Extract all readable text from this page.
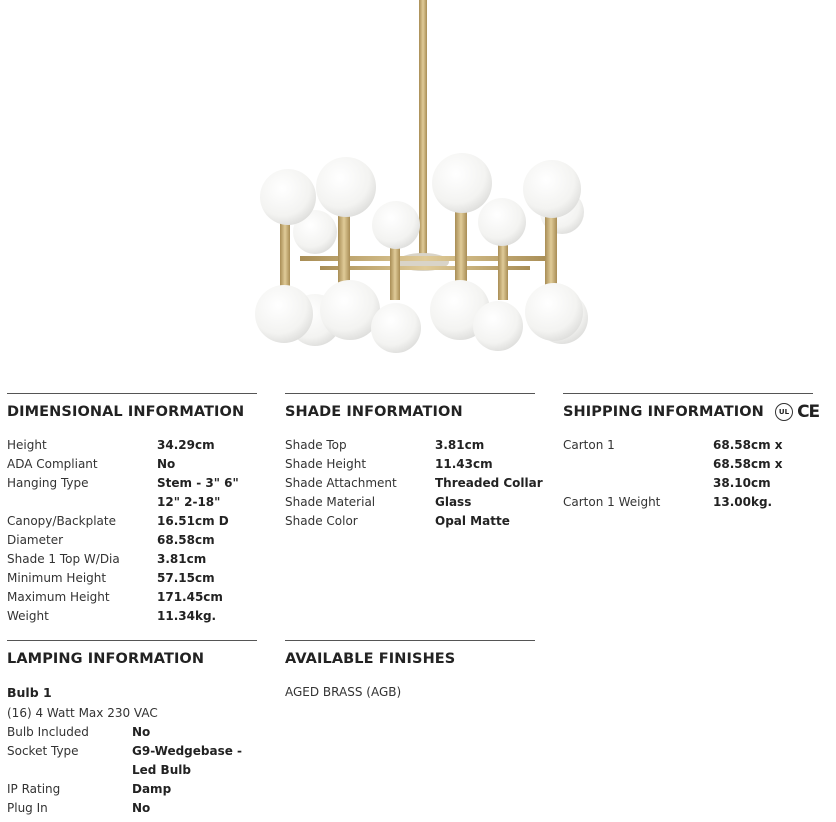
DIMENSIONAL INFORMATION
Height	34.29cm
ADA Compliant	No
Hanging Type	Stem - 3" 6" 12" 2-18"
Canopy/Backplate	16.51cm D
Diameter	68.58cm
Shade 1 Top W/Dia	3.81cm
Minimum Height	57.15cm
Maximum Height	171.45cm
Weight	11.34kg.
SHADE INFORMATION
Shade Top	3.81cm
Shade Height	11.43cm
Shade Attachment	Threaded Collar
Shade Material	Glass
Shade Color	Opal Matte
SHIPPING INFORMATION	UL CE
Carton 1	68.58cm x 68.58cm x 38.10cm
Carton 1 Weight	13.00kg.
LAMPING INFORMATION
Bulb 1
(16) 4 Watt Max 230 VAC
Bulb Included	No
Socket Type	G9-Wedgebase - Led Bulb
IP Rating	Damp
Plug In	No
AVAILABLE FINISHES
AGED BRASS (AGB)
